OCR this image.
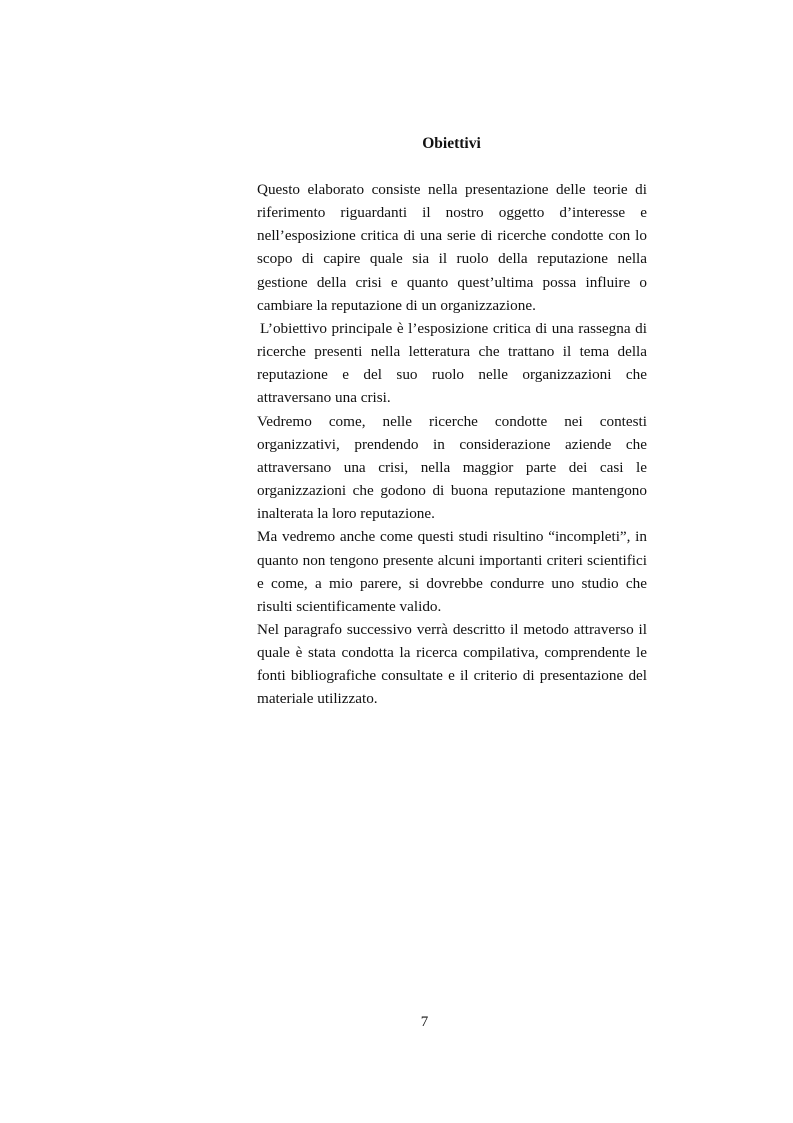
Obiettivi

Questo elaborato consiste nella presentazione delle teorie di riferimento riguardanti il nostro oggetto d’interesse e nell’esposizione critica di una serie di ricerche condotte con lo scopo di capire quale sia il ruolo della reputazione nella gestione della crisi e quanto quest’ultima possa influire o cambiare la reputazione di un organizzazione.

L’obiettivo principale è l’esposizione critica di una rassegna di ricerche presenti nella letteratura che trattano il tema della reputazione e del suo ruolo nelle organizzazioni che attraversano una crisi.

Vedremo come, nelle ricerche condotte nei contesti organizzativi, prendendo in considerazione aziende che attraversano una crisi, nella maggior parte dei casi le organizzazioni che godono di buona reputazione mantengono inalterata la loro reputazione.

Ma vedremo anche come questi studi risultino “incompleti”, in quanto non tengono presente alcuni importanti criteri scientifici e come, a mio parere, si dovrebbe condurre uno studio che risulti scientificamente valido.

Nel paragrafo successivo verrà descritto il metodo attraverso il quale è stata condotta la ricerca compilativa, comprendente le fonti bibliografiche consultate e il criterio di presentazione del materiale utilizzato.

7
